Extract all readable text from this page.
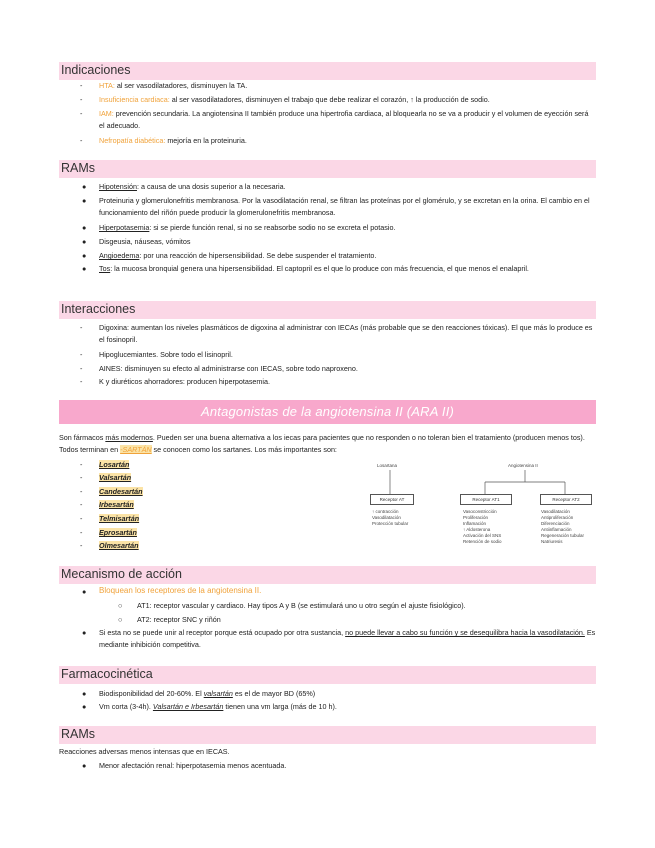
Indicaciones
- HTA: al ser vasodilatadores, disminuyen la TA.
- Insuficiencia cardiaca: al ser vasodilatadores, disminuyen el trabajo que debe realizar el corazón, ↑ la producción de sodio.
- IAM: prevención secundaria. La angiotensina II también produce una hipertrofia cardiaca, al bloquearla no se va a producir y el volumen de eyección será el adecuado.
- Nefropatía diabética: mejoría en la proteinuria.
RAMs
● Hipotensión: a causa de una dosis superior a la necesaria.
● Proteinuria y glomerulonefritis membranosa. Por la vasodilatación renal, se filtran las proteínas por el glomérulo, y se excretan en la orina. El cambio en el funcionamiento del riñón puede producir la glomerulonefritis membranosa.
● Hiperpotasemia: si se pierde función renal, si no se reabsorbe sodio no se excreta el potasio.
● Disgeusia, náuseas, vómitos
● Angioedema: por una reacción de hipersensibilidad. Se debe suspender el tratamiento.
● Tos: la mucosa bronquial genera una hipersensibilidad. El captopril es el que lo produce con más frecuencia, el que menos el enalapril.
Interacciones
- Digoxina: aumentan los niveles plasmáticos de digoxina al administrar con IECAs (más probable que se den reacciones tóxicas). El que más lo produce es el fosinopril.
- Hipoglucemiantes. Sobre todo el lisinopril.
- AINES: disminuyen su efecto al administrarse con IECAS, sobre todo naproxeno.
- K y diuréticos ahorradores: producen hiperpotasemia.
Antagonistas de la angiotensina II (ARA II)
Son fármacos más modernos. Pueden ser una buena alternativa a los iecas para pacientes que no responden o no toleran bien el tratamiento (producen menos tos). Todos terminan en -SARTÁN se conocen como los sartanes. Los más importantes son:
- Losartán
- Valsartán
- Candesartán
- Irbesartán
- Telmisartán
- Eprosartán
- Olmesartán
Losartana	Angiotensina II
Receptor AT	Receptor AT1	Receptor AT2
↑ contracción
Vasodilatación
Protección tubular
Vasoconstricción
Proliferación
Inflamación
↑ Aldosterona
Activación del SNS
Retención de sodio
Vasodilatación
Antiproliferación
Diferenciación
Antiinflamación
Regeneración tubular
Natriuresis
Mecanismo de acción
● Bloquean los receptores de la angiotensina II.
○ AT1: receptor vascular y cardiaco. Hay tipos A y B (se estimulará uno u otro según el ajuste fisiológico).
○ AT2: receptor SNC y riñón
● Si esta no se puede unir al receptor porque está ocupado por otra sustancia, no puede llevar a cabo su función y se desequilibra hacia la vasodilatación. Es mediante inhibición competitiva.
Farmacocinética
● Biodisponibilidad del 20-60%. El valsartán es el de mayor BD (65%)
● Vm corta (3-4h). Valsartán e Irbesartán tienen una vm larga (más de 10 h).
RAMs
Reacciones adversas menos intensas que en IECAS.
● Menor afectación renal: hiperpotasemia menos acentuada.
